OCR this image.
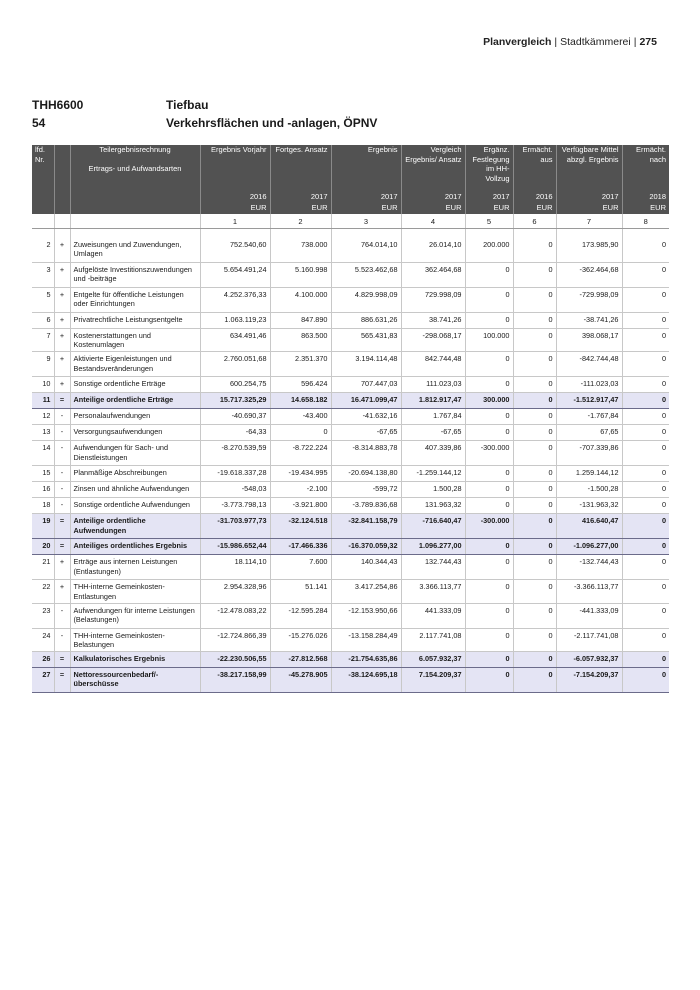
Planvergleich | Stadtkämmerei | 275
THH6600	Tiefbau
54	Verkehrsflächen und -anlagen, ÖPNV
lfd. Nr.		Teilergebnisrechnung
Ertrags- und Aufwandsarten	Ergebnis Vorjahr	Fortges. Ansatz	Ergebnis	Vergleich Ergebnis/ Ansatz	Ergänz. Festlegung im HH-Vollzug	Ermächt. aus	Verfügbare Mittel abzgl. Ergebnis	Ermächt. nach
			2016	2017	2017	2017	2017	2016	2017	2018
			EUR	EUR	EUR	EUR	EUR	EUR	EUR	EUR
			1	2	3	4	5	6	7	8

2	+	Zuweisungen und Zuwendungen, Umlagen	752.540,60	738.000	764.014,10	26.014,10	200.000	0	173.985,90	0
3	+	Aufgelöste Investitionszuwendungen und -beiträge	5.654.491,24	5.160.998	5.523.462,68	362.464,68	0	0	-362.464,68	0
5	+	Entgelte für öffentliche Leistungen oder Einrichtungen	4.252.376,33	4.100.000	4.829.998,09	729.998,09	0	0	-729.998,09	0
6	+	Privatrechtliche Leistungsentgelte	1.063.119,23	847.890	886.631,26	38.741,26	0	0	-38.741,26	0
7	+	Kostenerstattungen und Kostenumlagen	634.491,46	863.500	565.431,83	-298.068,17	100.000	0	398.068,17	0
9	+	Aktivierte Eigenleistungen und Bestandsveränderungen	2.760.051,68	2.351.370	3.194.114,48	842.744,48	0	0	-842.744,48	0
10	+	Sonstige ordentliche Erträge	600.254,75	596.424	707.447,03	111.023,03	0	0	-111.023,03	0
11	=	Anteilige ordentliche Erträge	15.717.325,29	14.658.182	16.471.099,47	1.812.917,47	300.000	0	-1.512.917,47	0
12	-	Personalaufwendungen	-40.690,37	-43.400	-41.632,16	1.767,84	0	0	-1.767,84	0
13	-	Versorgungsaufwendungen	-64,33	0	-67,65	-67,65	0	0	67,65	0
14	-	Aufwendungen für Sach- und Dienstleistungen	-8.270.539,59	-8.722.224	-8.314.883,78	407.339,86	-300.000	0	-707.339,86	0
15	-	Planmäßige Abschreibungen	-19.618.337,28	-19.434.995	-20.694.138,80	-1.259.144,12	0	0	1.259.144,12	0
16	-	Zinsen und ähnliche Aufwendungen	-548,03	-2.100	-599,72	1.500,28	0	0	-1.500,28	0
18	-	Sonstige ordentliche Aufwendungen	-3.773.798,13	-3.921.800	-3.789.836,68	131.963,32	0	0	-131.963,32	0
19	=	Anteilige ordentliche Aufwendungen	-31.703.977,73	-32.124.518	-32.841.158,79	-716.640,47	-300.000	0	416.640,47	0
20	=	Anteiliges ordentliches Ergebnis	-15.986.652,44	-17.466.336	-16.370.059,32	1.096.277,00	0	0	-1.096.277,00	0
21	+	Erträge aus internen Leistungen (Entlastungen)	18.114,10	7.600	140.344,43	132.744,43	0	0	-132.744,43	0
22	+	THH-interne Gemeinkosten-Entlastungen	2.954.328,96	51.141	3.417.254,86	3.366.113,77	0	0	-3.366.113,77	0
23	-	Aufwendungen für interne Leistungen (Belastungen)	-12.478.083,22	-12.595.284	-12.153.950,66	441.333,09	0	0	-441.333,09	0
24	-	THH-interne Gemeinkosten-Belastungen	-12.724.866,39	-15.276.026	-13.158.284,49	2.117.741,08	0	0	-2.117.741,08	0
26	=	Kalkulatorisches Ergebnis	-22.230.506,55	-27.812.568	-21.754.635,86	6.057.932,37	0	0	-6.057.932,37	0
27	=	Nettoressourcenbedarf/-überschüsse	-38.217.158,99	-45.278.905	-38.124.695,18	7.154.209,37	0	0	-7.154.209,37	0
